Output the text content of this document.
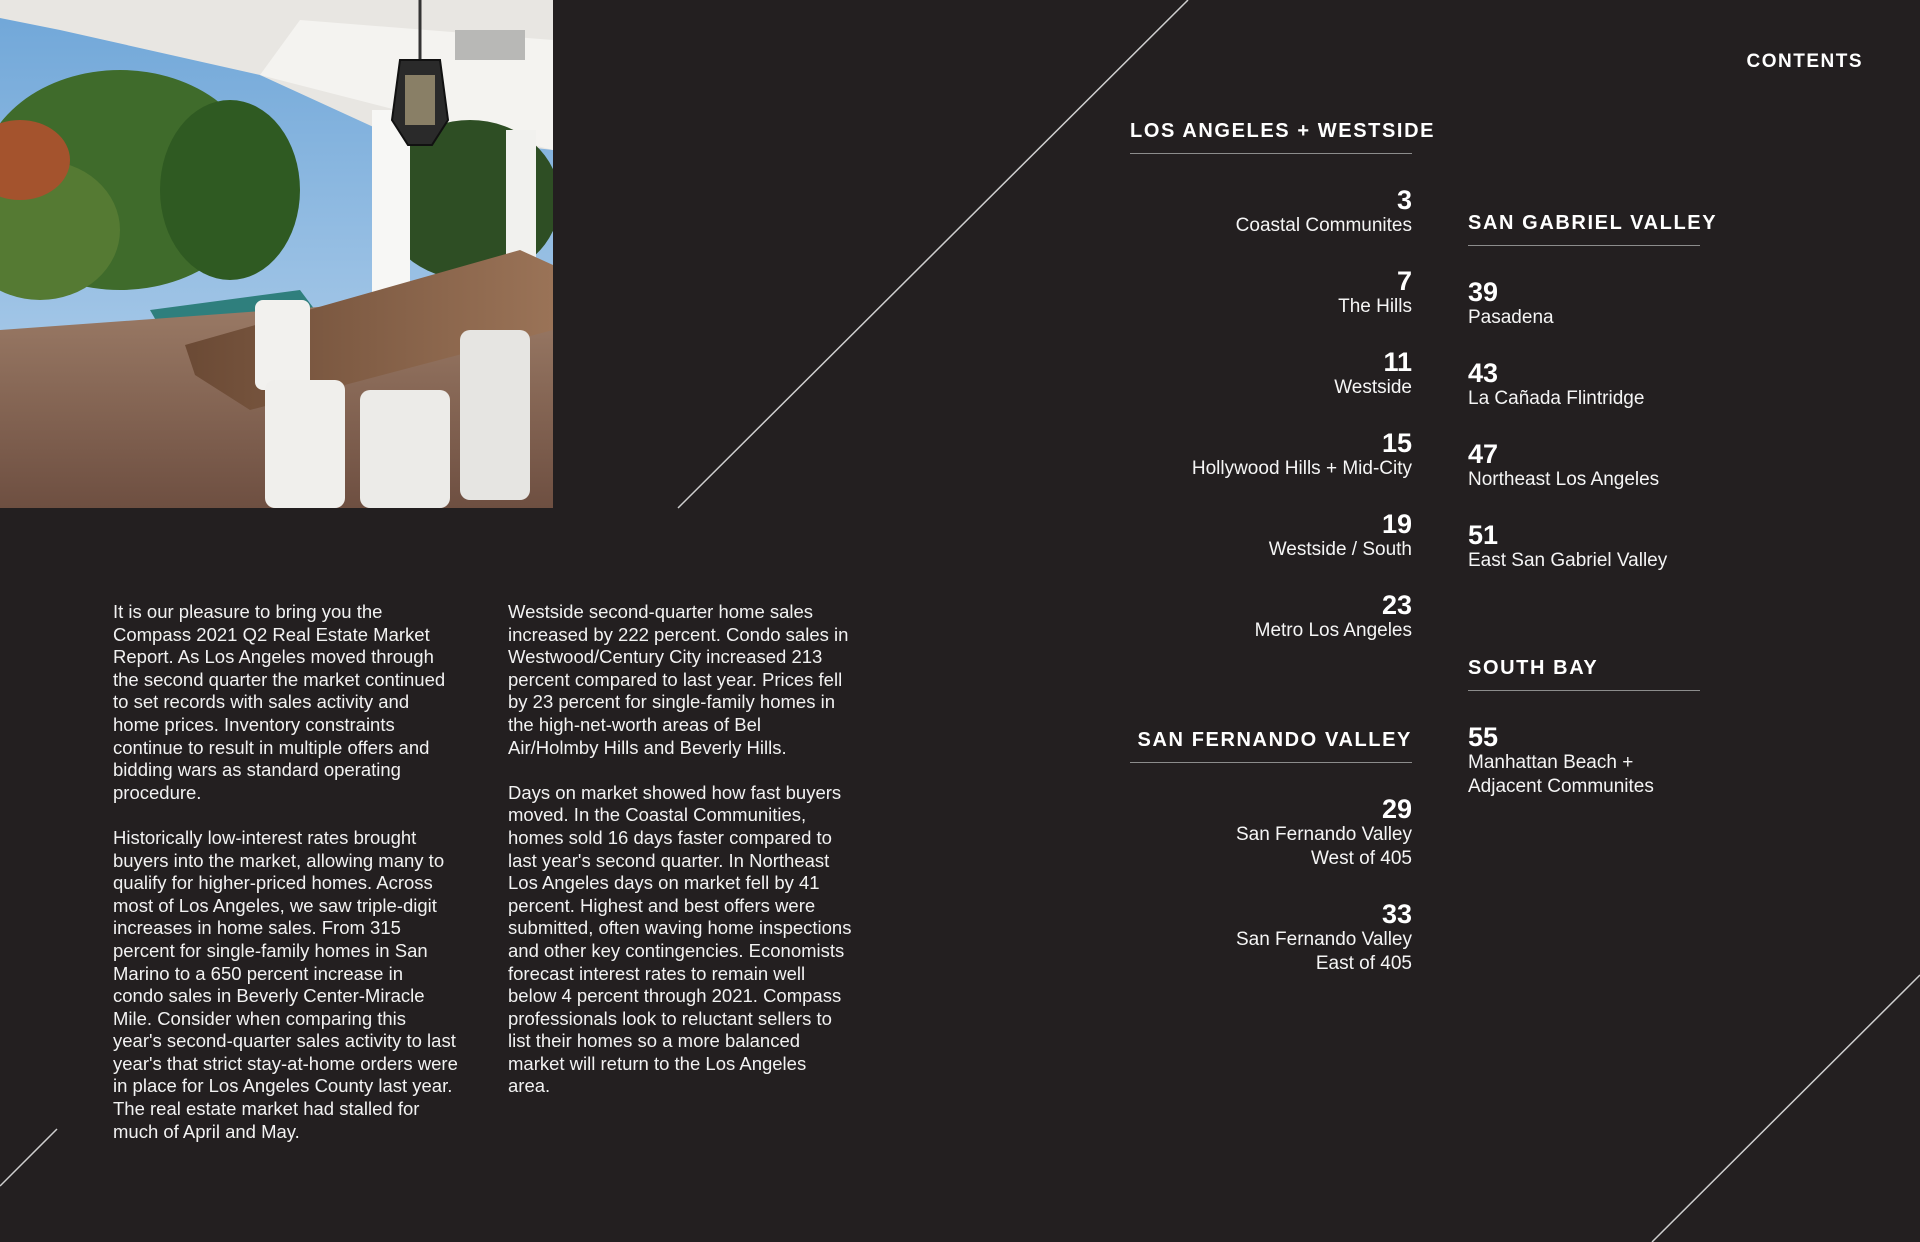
CONTENTS

It is our pleasure to bring you the Compass 2021 Q2 Real Estate Market Report. As Los Angeles moved through the second quarter the market continued to set records with sales activity and home prices. Inventory constraints continue to result in multiple offers and bidding wars as standard operating procedure.

Historically low-interest rates brought buyers into the market, allowing many to qualify for higher-priced homes. Across most of Los Angeles, we saw triple-digit increases in home sales. From 315 percent for single-family homes in San Marino to a 650 percent increase in condo sales in Beverly Center-Miracle Mile. Consider when comparing this year's second-quarter sales activity to last year's that strict stay-at-home orders were in place for Los Angeles County last year. The real estate market had stalled for much of April and May.

Westside second-quarter home sales increased by 222 percent. Condo sales in Westwood/Century City increased 213 percent compared to last year. Prices fell by 23 percent for single-family homes in the high-net-worth areas of Bel Air/Holmby Hills and Beverly Hills.

Days on market showed how fast buyers moved. In the Coastal Communities, homes sold 16 days faster compared to last year's second quarter. In Northeast Los Angeles days on market fell by 41 percent. Highest and best offers were submitted, often waving home inspections and other key contingencies. Economists forecast interest rates to remain well below 4 percent through 2021. Compass professionals look to reluctant sellers to list their homes so a more balanced market will return to the Los Angeles area.

LOS ANGELES + WESTSIDE
3
Coastal Communites
7
The Hills
11
Westside
15
Hollywood Hills + Mid-City
19
Westside / South
23
Metro Los Angeles
SAN FERNANDO VALLEY
29
San Fernando Valley
West of 405
33
San Fernando Valley
East of 405
SAN GABRIEL VALLEY
39
Pasadena
43
La Cañada Flintridge
47
Northeast Los Angeles
51
East San Gabriel Valley
SOUTH BAY
55
Manhattan Beach +
Adjacent Communites
